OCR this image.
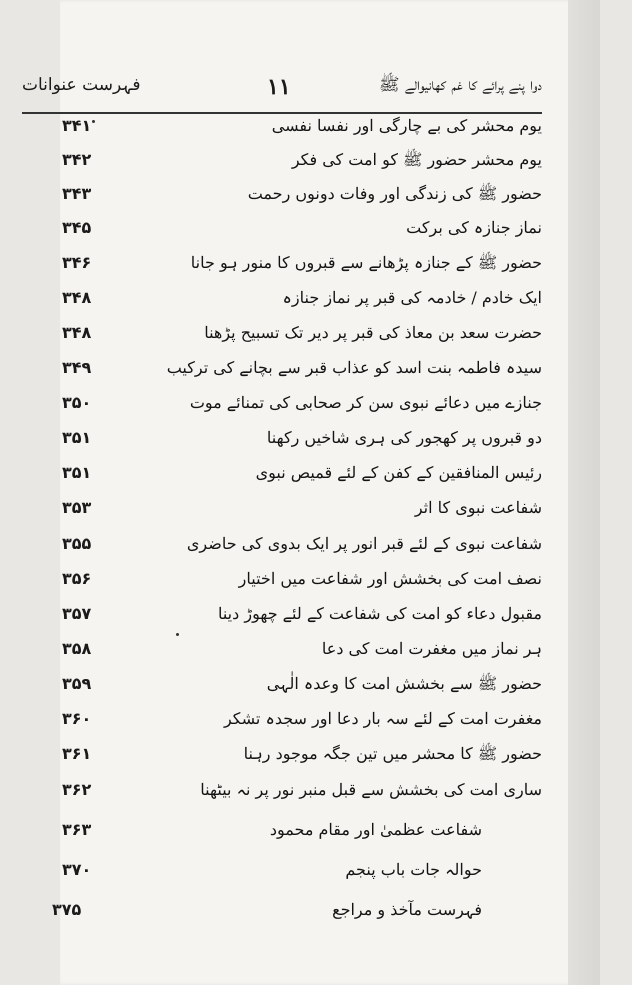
دوا پنے پرائے کا غم کھانیوالے ﷺ
۱۱
فہرست عنوانات
یوم محشر کی بے چارگی اور نفسا نفسی
۳۴۱
یوم محشر حضور ﷺ کو امت کی فکر
۳۴۲
حضور ﷺ کی زندگی اور وفات دونوں رحمت
۳۴۳
نماز جنازہ کی برکت
۳۴۵
حضور ﷺ کے جنازہ پڑھانے سے قبروں کا منور ہو جانا
۳۴۶
ایک خادم / خادمہ کی قبر پر نماز جنازہ
۳۴۸
حضرت سعد بن معاذ کی قبر پر دیر تک تسبیح پڑھنا
۳۴۸
سیدہ فاطمہ بنت اسد کو عذاب قبر سے بچانے کی ترکیب
۳۴۹
جنازے میں دعائے نبوی سن کر صحابی کی تمنائے موت
۳۵۰
دو قبروں پر کھجور کی ہری شاخیں رکھنا
۳۵۱
رئیس المنافقین کے کفن کے لئے قمیص نبوی
۳۵۱
شفاعت نبوی کا اثر
۳۵۳
شفاعت نبوی کے لئے قبر انور پر ایک بدوی کی حاضری
۳۵۵
نصف امت کی بخشش اور شفاعت میں اختیار
۳۵۶
مقبول دعاء کو امت کی شفاعت کے لئے چھوڑ دینا
۳۵۷
ہر نماز میں مغفرت امت کی دعا
۳۵۸
حضور ﷺ سے بخشش امت کا وعدہ الٰہی
۳۵۹
مغفرت امت کے لئے سہ بار دعا اور سجدہ تشکر
۳۶۰
حضور ﷺ کا محشر میں تین جگہ موجود رہنا
۳۶۱
ساری امت کی بخشش سے قبل منبر نور پر نہ بیٹھنا
۳۶۲
شفاعت عظمیٰ اور مقام محمود
۳۶۳
حوالہ جات باب پنجم
۳۷۰
فہرست مآخذ و مراجع
۳۷۵
